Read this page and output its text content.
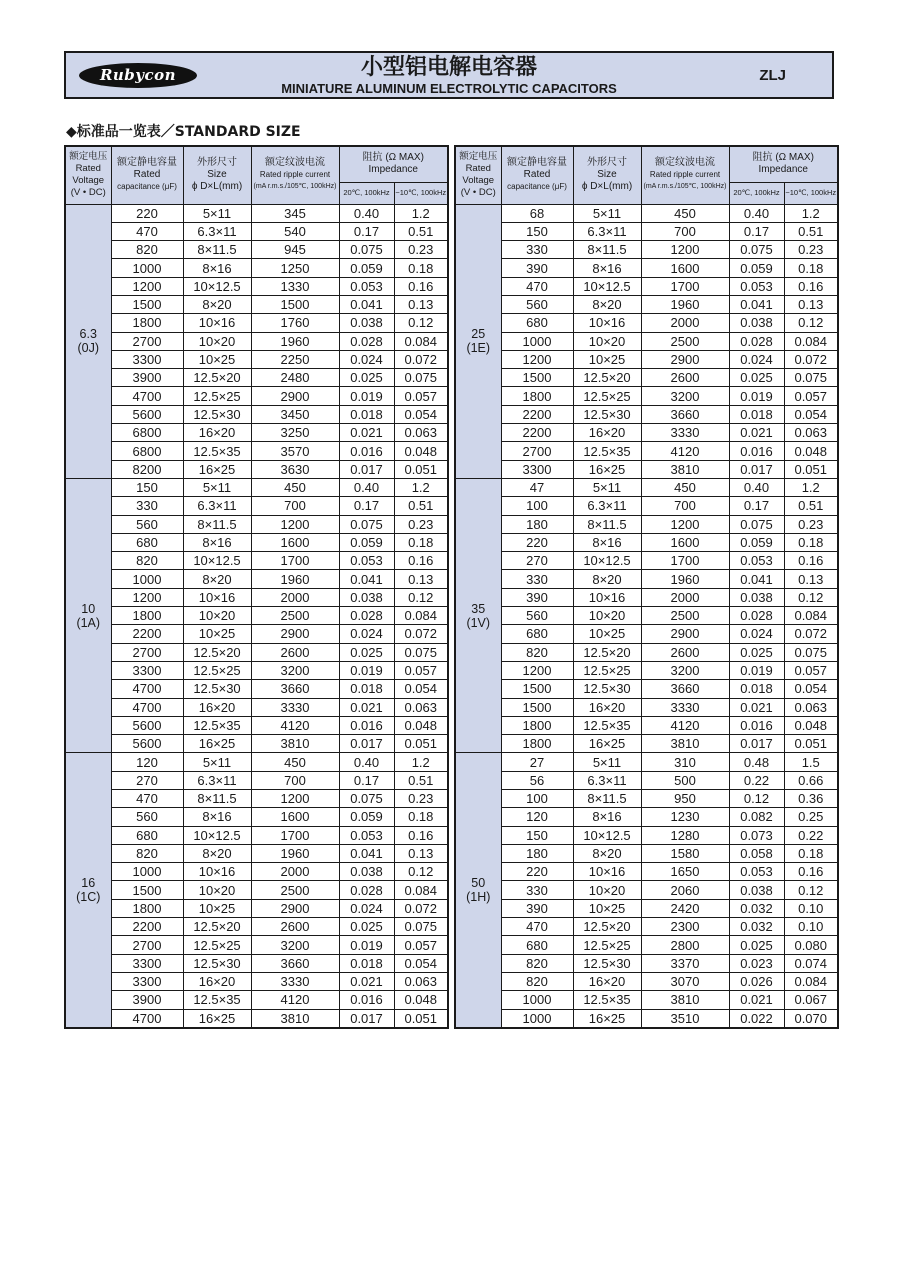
Rubycon	小型铝电解电容器
MINIATURE ALUMINUM ELECTROLYTIC CAPACITORS
ZLJ
◆标准品一览表／STANDARD SIZE
额定电压
Rated
Voltage
(V • DC)	额定静电容量
Rated
capacitance (μF)	外形尺寸
Size
ϕ D×L(mm)	额定纹波电流
Rated ripple current
(mA r.m.s./105℃, 100kHz)	阻抗 (Ω MAX)
Impedance	

				20℃, 100kHz	−10℃, 100kHz

6.3
(0J)	220	5×11	345	0.40	1.2
	470	6.3×11	540	0.17	0.51
	820	8×11.5	945	0.075	0.23
	1000	8×16	1250	0.059	0.18
	1200	10×12.5	1330	0.053	0.16
	1500	8×20	1500	0.041	0.13
	1800	10×16	1760	0.038	0.12
	2700	10×20	1960	0.028	0.084
	3300	10×25	2250	0.024	0.072
	3900	12.5×20	2480	0.025	0.075
	4700	12.5×25	2900	0.019	0.057
	5600	12.5×30	3450	0.018	0.054
	6800	16×20	3250	0.021	0.063
	6800	12.5×35	3570	0.016	0.048
	8200	16×25	3630	0.017	0.051

10
(1A)	150	5×11	450	0.40	1.2
	330	6.3×11	700	0.17	0.51
	560	8×11.5	1200	0.075	0.23
	680	8×16	1600	0.059	0.18
	820	10×12.5	1700	0.053	0.16
	1000	8×20	1960	0.041	0.13
	1200	10×16	2000	0.038	0.12
	1800	10×20	2500	0.028	0.084
	2200	10×25	2900	0.024	0.072
	2700	12.5×20	2600	0.025	0.075
	3300	12.5×25	3200	0.019	0.057
	4700	12.5×30	3660	0.018	0.054
	4700	16×20	3330	0.021	0.063
	5600	12.5×35	4120	0.016	0.048
	5600	16×25	3810	0.017	0.051

16
(1C)	120	5×11	450	0.40	1.2
	270	6.3×11	700	0.17	0.51
	470	8×11.5	1200	0.075	0.23
	560	8×16	1600	0.059	0.18
	680	10×12.5	1700	0.053	0.16
	820	8×20	1960	0.041	0.13
	1000	10×16	2000	0.038	0.12
	1500	10×20	2500	0.028	0.084
	1800	10×25	2900	0.024	0.072
	2200	12.5×20	2600	0.025	0.075
	2700	12.5×25	3200	0.019	0.057
	3300	12.5×30	3660	0.018	0.054
	3300	16×20	3330	0.021	0.063
	3900	12.5×35	4120	0.016	0.048
	4700	16×25	3810	0.017	0.051
额定电压
Rated
Voltage
(V • DC)	额定静电容量
Rated
capacitance (μF)	外形尺寸
Size
ϕ D×L(mm)	额定纹波电流
Rated ripple current
(mA r.m.s./105℃, 100kHz)	阻抗 (Ω MAX)
Impedance	

				20℃, 100kHz	−10℃, 100kHz

25
(1E)	68	5×11	450	0.40	1.2
	150	6.3×11	700	0.17	0.51
	330	8×11.5	1200	0.075	0.23
	390	8×16	1600	0.059	0.18
	470	10×12.5	1700	0.053	0.16
	560	8×20	1960	0.041	0.13
	680	10×16	2000	0.038	0.12
	1000	10×20	2500	0.028	0.084
	1200	10×25	2900	0.024	0.072
	1500	12.5×20	2600	0.025	0.075
	1800	12.5×25	3200	0.019	0.057
	2200	12.5×30	3660	0.018	0.054
	2200	16×20	3330	0.021	0.063
	2700	12.5×35	4120	0.016	0.048
	3300	16×25	3810	0.017	0.051

35
(1V)	47	5×11	450	0.40	1.2
	100	6.3×11	700	0.17	0.51
	180	8×11.5	1200	0.075	0.23
	220	8×16	1600	0.059	0.18
	270	10×12.5	1700	0.053	0.16
	330	8×20	1960	0.041	0.13
	390	10×16	2000	0.038	0.12
	560	10×20	2500	0.028	0.084
	680	10×25	2900	0.024	0.072
	820	12.5×20	2600	0.025	0.075
	1200	12.5×25	3200	0.019	0.057
	1500	12.5×30	3660	0.018	0.054
	1500	16×20	3330	0.021	0.063
	1800	12.5×35	4120	0.016	0.048
	1800	16×25	3810	0.017	0.051

50
(1H)	27	5×11	310	0.48	1.5
	56	6.3×11	500	0.22	0.66
	100	8×11.5	950	0.12	0.36
	120	8×16	1230	0.082	0.25
	150	10×12.5	1280	0.073	0.22
	180	8×20	1580	0.058	0.18
	220	10×16	1650	0.053	0.16
	330	10×20	2060	0.038	0.12
	390	10×25	2420	0.032	0.10
	470	12.5×20	2300	0.032	0.10
	680	12.5×25	2800	0.025	0.080
	820	12.5×30	3370	0.023	0.074
	820	16×20	3070	0.026	0.084
	1000	12.5×35	3810	0.021	0.067
	1000	16×25	3510	0.022	0.070
